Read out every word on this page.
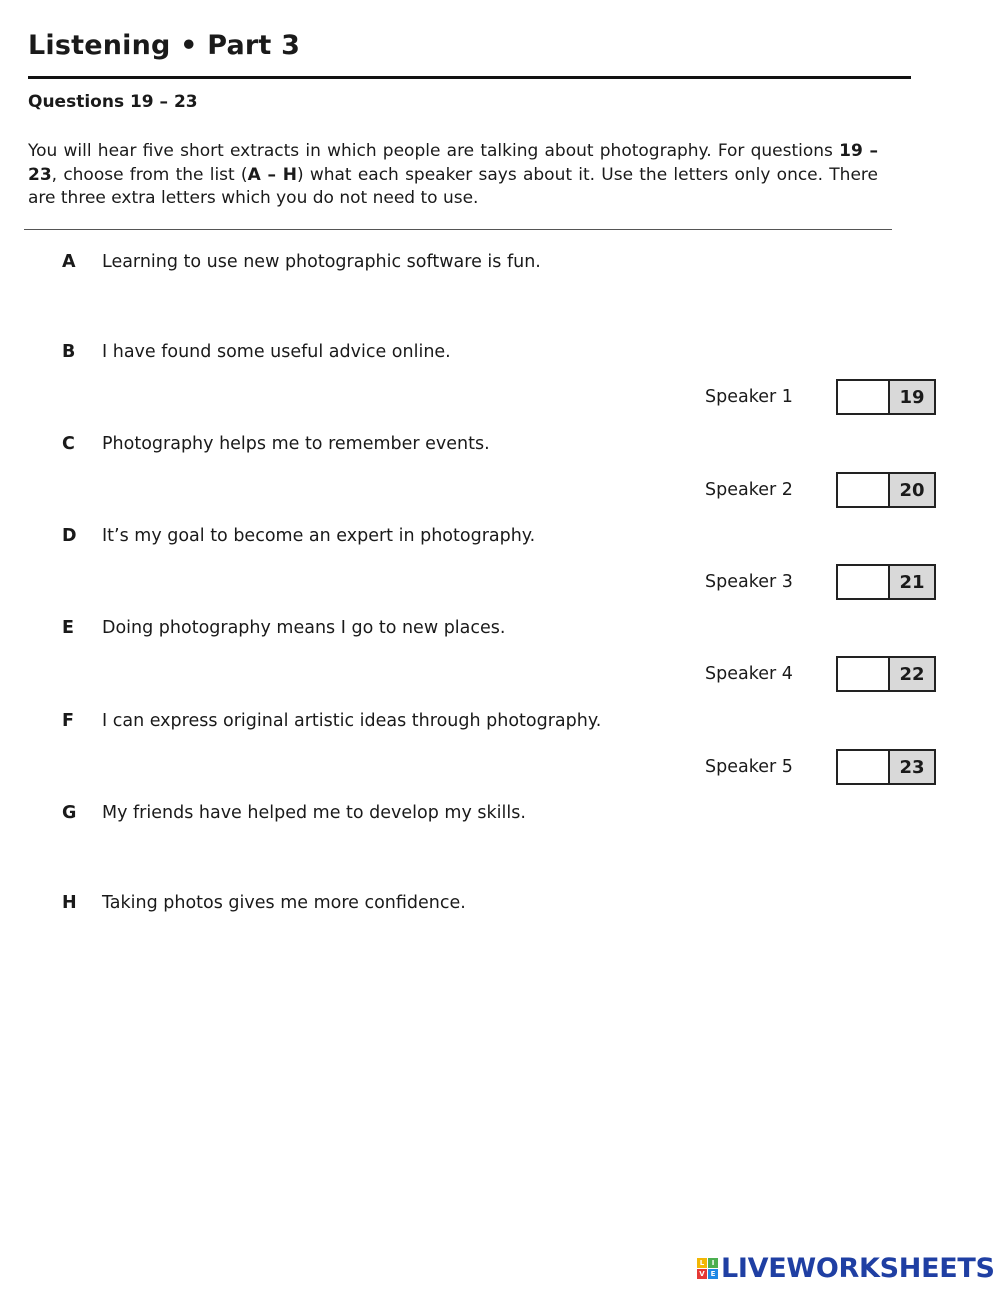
Listening • Part 3
Questions 19 – 23
You will hear five short extracts in which people are talking about photography. For questions 19 – 23, choose from the list (A – H) what each speaker says about it. Use the letters only once. There are three extra letters which you do not need to use.
A	Learning to use new photographic software is fun.
B	I have found some useful advice online.
C	Photography helps me to remember events.
D	It’s my goal to become an expert in photography.
E	Doing photography means I go to new places.
F	I can express original artistic ideas through photography.
G	My friends have helped me to develop my skills.
H	Taking photos gives me more confidence.
Speaker 1	19
Speaker 2	20
Speaker 3	21
Speaker 4	22
Speaker 5	23
L	I
V E LIVEWORKSHEETS
